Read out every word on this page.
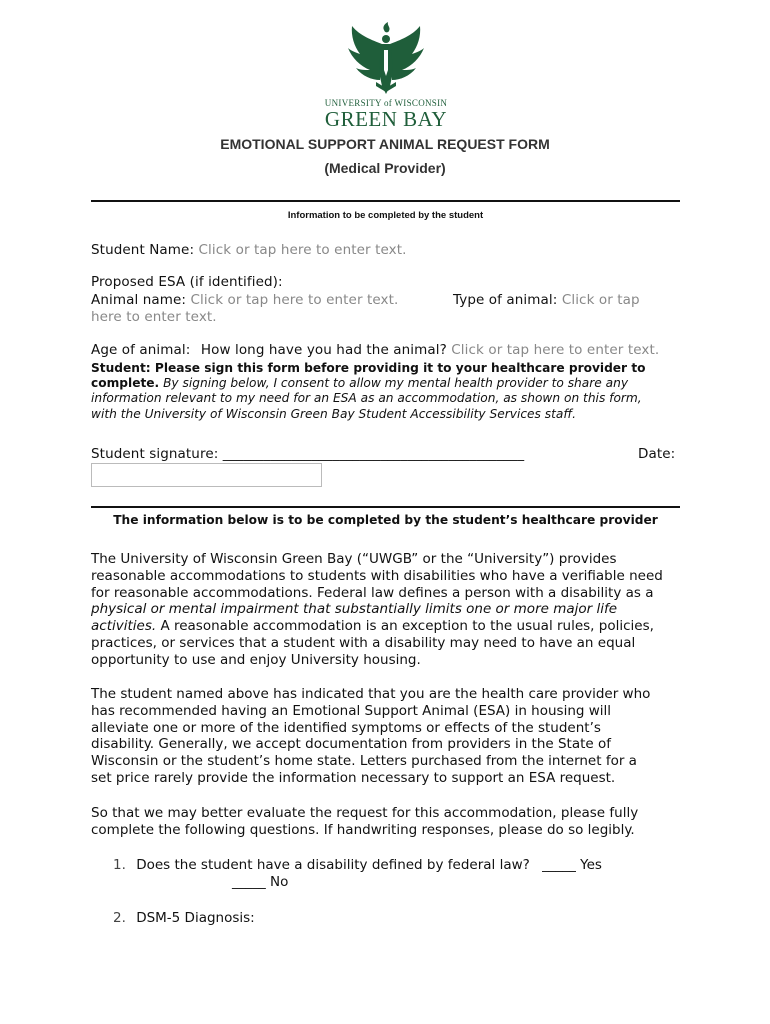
UNIVERSITY of WISCONSIN
GREEN BAY
EMOTIONAL SUPPORT ANIMAL REQUEST FORM
(Medical Provider)
Information to be completed by the student
Student Name: Click or tap here to enter text.
Proposed ESA (if identified):
Animal name: Click or tap here to enter text.	Type of animal: Click or tap
here to enter text.
Age of animal: How long have you had the animal? Click or tap here to enter text.
Student: Please sign this form before providing it to your healthcare provider to
complete. By signing below, I consent to allow my mental health provider to share any
information relevant to my need for an ESA as an accommodation, as shown on this form,
with the University of Wisconsin Green Bay Student Accessibility Services staff.
Student signature: ____________________________________________	Date:
The information below is to be completed by the student’s healthcare provider
The University of Wisconsin Green Bay (“UWGB” or the “University”) provides
reasonable accommodations to students with disabilities who have a verifiable need
for reasonable accommodations. Federal law defines a person with a disability as a
physical or mental impairment that substantially limits one or more major life
activities. A reasonable accommodation is an exception to the usual rules, policies,
practices, or services that a student with a disability may need to have an equal
opportunity to use and enjoy University housing.
The student named above has indicated that you are the health care provider who
has recommended having an Emotional Support Animal (ESA) in housing will
alleviate one or more of the identified symptoms or effects of the student’s
disability. Generally, we accept documentation from providers in the State of
Wisconsin or the student’s home state. Letters purchased from the internet for a
set price rarely provide the information necessary to support an ESA request.
So that we may better evaluate the request for this accommodation, please fully
complete the following questions. If handwriting responses, please do so legibly.
1. Does the student have a disability defined by federal law? _____ Yes
_____ No
2. DSM-5 Diagnosis:
